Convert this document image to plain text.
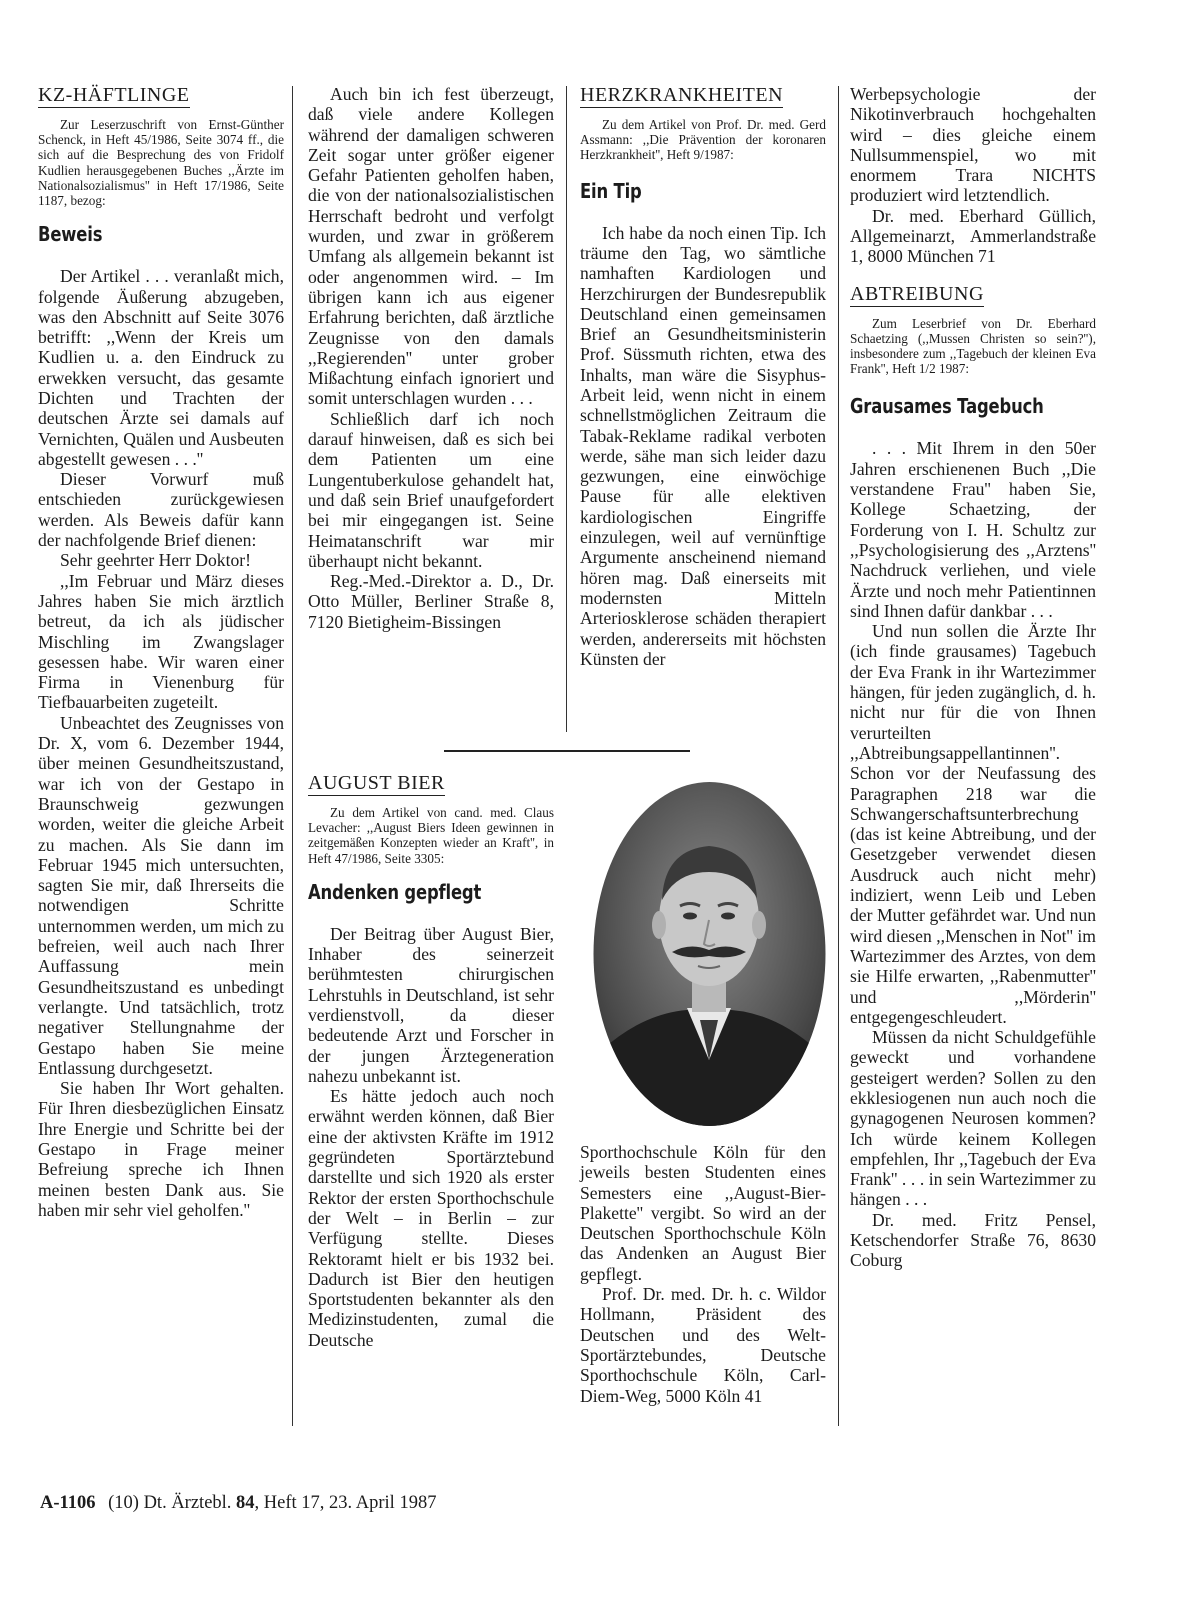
KZ-HÄFTLINGE

Zur Leserzuschrift von Ernst-Günther Schenck, in Heft 45/1986, Seite 3074 ff., die sich auf die Besprechung des von Fridolf Kudlien herausgegebenen Buches ,,Ärzte im Nationalsozialismus'' in Heft 17/1986, Seite 1187, bezog:

Beweis

Der Artikel . . . veranlaßt mich, folgende Äußerung abzugeben, was den Abschnitt auf Seite 3076 betrifft: ,,Wenn der Kreis um Kudlien u. a. den Eindruck zu erwekken versucht, das gesamte Dichten und Trachten der deutschen Ärzte sei damals auf Vernichten, Quälen und Ausbeuten abgestellt gewesen . . .''

Dieser Vorwurf muß entschieden zurückgewiesen werden. Als Beweis dafür kann der nachfolgende Brief dienen:

Sehr geehrter Herr Doktor!

,,Im Februar und März dieses Jahres haben Sie mich ärztlich betreut, da ich als jüdischer Mischling im Zwangslager gesessen habe. Wir waren einer Firma in Vienenburg für Tiefbauarbeiten zugeteilt.

Unbeachtet des Zeugnisses von Dr. X, vom 6. Dezember 1944, über meinen Gesundheitszustand, war ich von der Gestapo in Braunschweig gezwungen worden, weiter die gleiche Arbeit zu machen. Als Sie dann im Februar 1945 mich untersuchten, sagten Sie mir, daß Ihrerseits die notwendigen Schritte unternommen werden, um mich zu befreien, weil auch nach Ihrer Auffassung mein Gesundheitszustand es unbedingt verlangte. Und tatsächlich, trotz negativer Stellungnahme der Gestapo haben Sie meine Entlassung durchgesetzt.

Sie haben Ihr Wort gehalten. Für Ihren diesbezüglichen Einsatz Ihre Energie und Schritte bei der Gestapo in Frage meiner Befreiung spreche ich Ihnen meinen besten Dank aus. Sie haben mir sehr viel geholfen.''

Auch bin ich fest überzeugt, daß viele andere Kollegen während der damaligen schweren Zeit sogar unter größer eigener Gefahr Patienten geholfen haben, die von der nationalsozialistischen Herrschaft bedroht und verfolgt wurden, und zwar in größerem Umfang als allgemein bekannt ist oder angenommen wird. – Im übrigen kann ich aus eigener Erfahrung berichten, daß ärztliche Zeugnisse von den damals ,,Regierenden'' unter grober Mißachtung einfach ignoriert und somit unterschlagen wurden . . .

Schließlich darf ich noch darauf hinweisen, daß es sich bei dem Patienten um eine Lungentuberkulose gehandelt hat, und daß sein Brief unaufgefordert bei mir eingegangen ist. Seine Heimatanschrift war mir überhaupt nicht bekannt.

Reg.-Med.-Direktor a. D., Dr. Otto Müller, Berliner Straße 8, 7120 Bietigheim-Bissingen

HERZKRANKHEITEN

Zu dem Artikel von Prof. Dr. med. Gerd Assmann: ,,Die Prävention der koronaren Herzkrankheit'', Heft 9/1987:

Ein Tip

Ich habe da noch einen Tip. Ich träume den Tag, wo sämtliche namhaften Kardiologen und Herzchirurgen der Bundesrepublik Deutschland einen gemeinsamen Brief an Gesundheitsministerin Prof. Süssmuth richten, etwa des Inhalts, man wäre die Sisyphus-Arbeit leid, wenn nicht in einem schnellstmöglichen Zeitraum die Tabak-Reklame radikal verboten werde, sähe man sich leider dazu gezwungen, eine einwöchige Pause für alle elektiven kardiologischen Eingriffe einzulegen, weil auf vernünftige Argumente anscheinend niemand hören mag. Daß einerseits mit modernsten Mitteln Arteriosklerose schäden therapiert werden, andererseits mit höchsten Künsten der

Werbepsychologie der Nikotinverbrauch hochgehalten wird – dies gleiche einem Nullsummenspiel, wo mit enormem Trara NICHTS produziert wird letztendlich.

Dr. med. Eberhard Güllich, Allgemeinarzt, Ammerlandstraße 1, 8000 München 71

ABTREIBUNG

Zum Leserbrief von Dr. Eberhard Schaetzing (,,Mussen Christen so sein?''), insbesondere zum ,,Tagebuch der kleinen Eva Frank'', Heft 1/2 1987:

Grausames Tagebuch

. . . Mit Ihrem in den 50er Jahren erschienenen Buch ,,Die verstandene Frau'' haben Sie, Kollege Schaetzing, der Forderung von I. H. Schultz zur ,,Psychologisierung des ,,Arztens'' Nachdruck verliehen, und viele Ärzte und noch mehr Patientinnen sind Ihnen dafür dankbar . . .

Und nun sollen die Ärzte Ihr (ich finde grausames) Tagebuch der Eva Frank in ihr Wartezimmer hängen, für jeden zugänglich, d. h. nicht nur für die von Ihnen verurteilten ,,Abtreibungsappellantinnen''. Schon vor der Neufassung des Paragraphen 218 war die Schwangerschaftsunterbrechung (das ist keine Abtreibung, und der Gesetzgeber verwendet diesen Ausdruck auch nicht mehr) indiziert, wenn Leib und Leben der Mutter gefährdet war. Und nun wird diesen ,,Menschen in Not'' im Wartezimmer des Arztes, von dem sie Hilfe erwarten, ,,Rabenmutter'' und ,,Mörderin'' entgegengeschleudert.

Müssen da nicht Schuldgefühle geweckt und vorhandene gesteigert werden? Sollen zu den ekklesiogenen nun auch noch die gynagogenen Neurosen kommen? Ich würde keinem Kollegen empfehlen, Ihr ,,Tagebuch der Eva Frank'' . . . in sein Wartezimmer zu hängen . . .

Dr. med. Fritz Pensel, Ketschendorfer Straße 76, 8630 Coburg

AUGUST BIER

Zu dem Artikel von cand. med. Claus Levacher: ,,August Biers Ideen gewinnen in zeitgemäßen Konzepten wieder an Kraft'', in Heft 47/1986, Seite 3305:

Andenken gepflegt

Der Beitrag über August Bier, Inhaber des seinerzeit berühmtesten chirurgischen Lehrstuhls in Deutschland, ist sehr verdienstvoll, da dieser bedeutende Arzt und Forscher in der jungen Ärztegeneration nahezu unbekannt ist.

Es hätte jedoch auch noch erwähnt werden können, daß Bier eine der aktivsten Kräfte im 1912 gegründeten Sportärztebund darstellte und sich 1920 als erster Rektor der ersten Sporthochschule der Welt – in Berlin – zur Verfügung stellte. Dieses Rektoramt hielt er bis 1932 bei. Dadurch ist Bier den heutigen Sportstudenten bekannter als den Medizinstudenten, zumal die Deutsche

Sporthochschule Köln für den jeweils besten Studenten eines Semesters eine ,,August-Bier-Plakette'' vergibt. So wird an der Deutschen Sporthochschule Köln das Andenken an August Bier gepflegt.

Prof. Dr. med. Dr. h. c. Wildor Hollmann, Präsident des Deutschen und des Welt-Sportärztebundes, Deutsche Sporthochschule Köln, Carl-Diem-Weg, 5000 Köln 41

A-1106 (10) Dt. Ärztebl. 84, Heft 17, 23. April 1987
